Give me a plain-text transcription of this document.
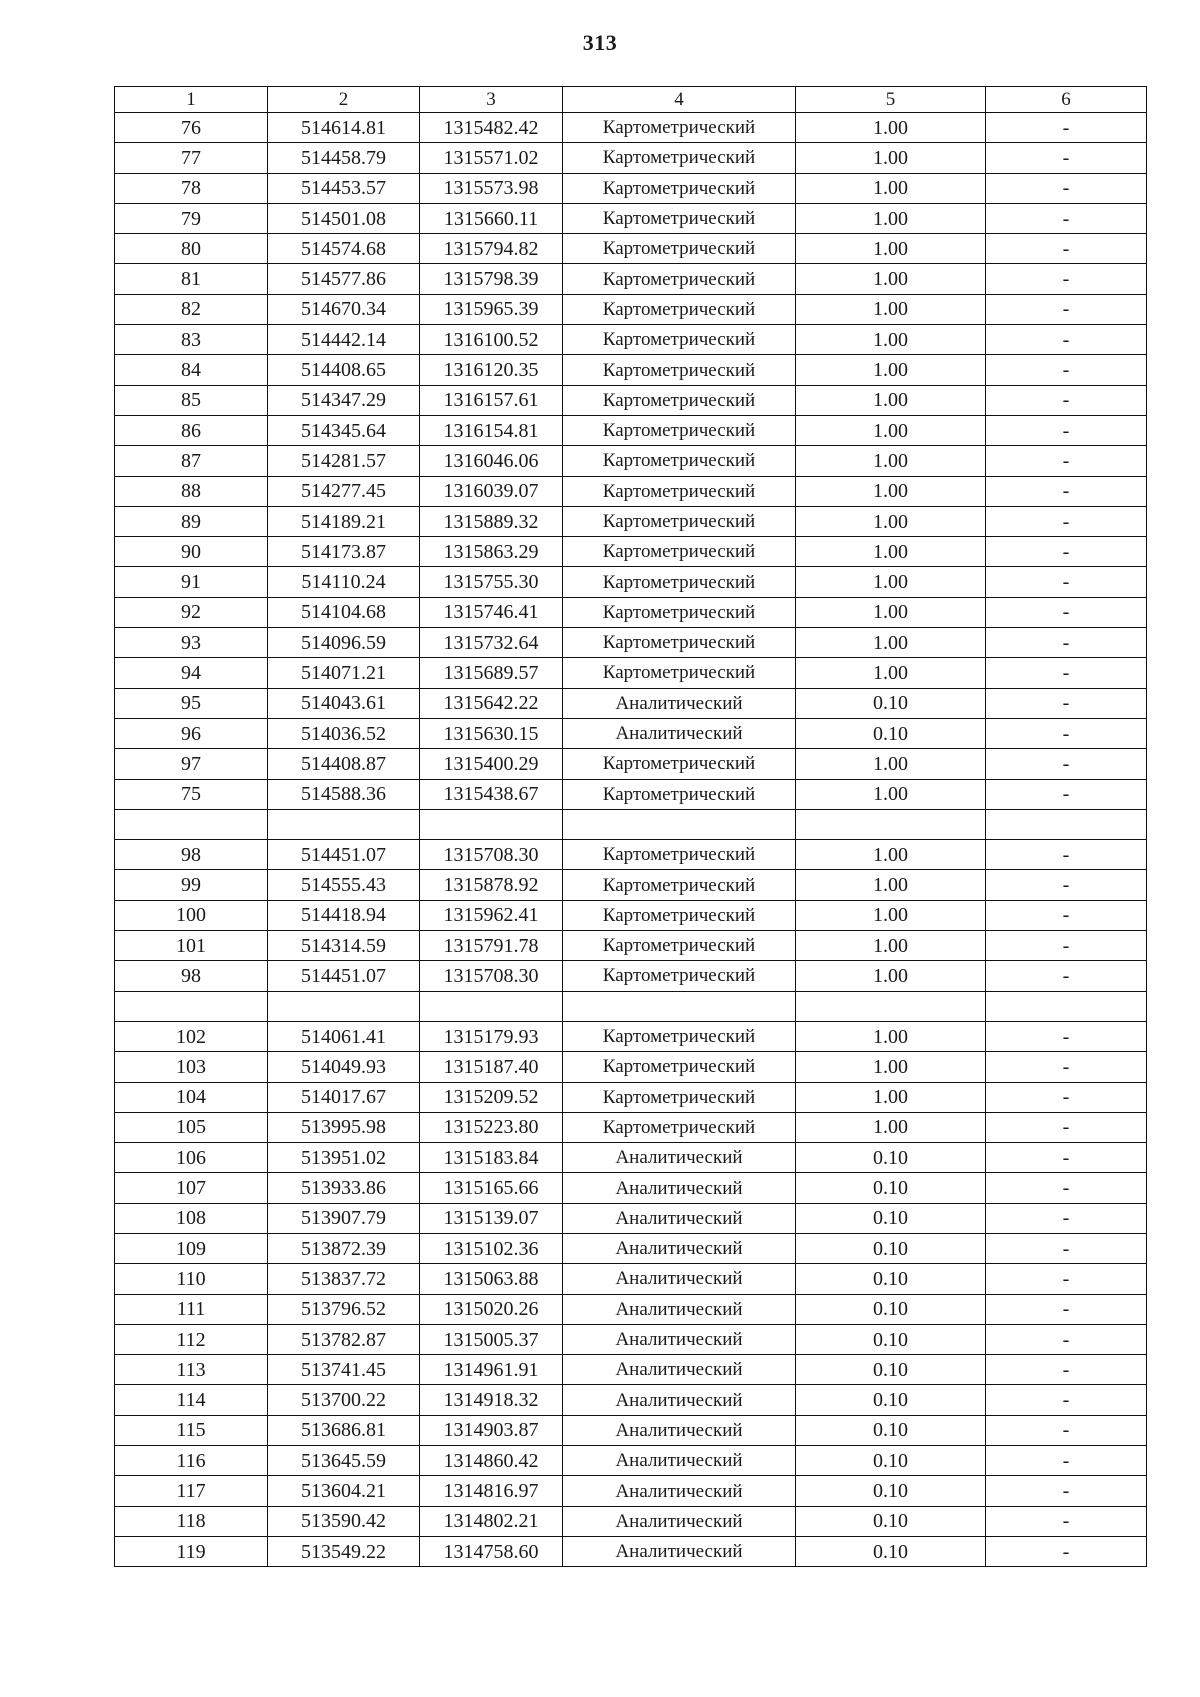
313
1	2	3	4	5	6
76	514614.81	1315482.42	Картометрический	1.00	-
77	514458.79	1315571.02	Картометрический	1.00	-
78	514453.57	1315573.98	Картометрический	1.00	-
79	514501.08	1315660.11	Картометрический	1.00	-
80	514574.68	1315794.82	Картометрический	1.00	-
81	514577.86	1315798.39	Картометрический	1.00	-
82	514670.34	1315965.39	Картометрический	1.00	-
83	514442.14	1316100.52	Картометрический	1.00	-
84	514408.65	1316120.35	Картометрический	1.00	-
85	514347.29	1316157.61	Картометрический	1.00	-
86	514345.64	1316154.81	Картометрический	1.00	-
87	514281.57	1316046.06	Картометрический	1.00	-
88	514277.45	1316039.07	Картометрический	1.00	-
89	514189.21	1315889.32	Картометрический	1.00	-
90	514173.87	1315863.29	Картометрический	1.00	-
91	514110.24	1315755.30	Картометрический	1.00	-
92	514104.68	1315746.41	Картометрический	1.00	-
93	514096.59	1315732.64	Картометрический	1.00	-
94	514071.21	1315689.57	Картометрический	1.00	-
95	514043.61	1315642.22	Аналитический	0.10	-
96	514036.52	1315630.15	Аналитический	0.10	-
97	514408.87	1315400.29	Картометрический	1.00	-
75	514588.36	1315438.67	Картометрический	1.00	-

98	514451.07	1315708.30	Картометрический	1.00	-
99	514555.43	1315878.92	Картометрический	1.00	-
100	514418.94	1315962.41	Картометрический	1.00	-
101	514314.59	1315791.78	Картометрический	1.00	-
98	514451.07	1315708.30	Картометрический	1.00	-

102	514061.41	1315179.93	Картометрический	1.00	-
103	514049.93	1315187.40	Картометрический	1.00	-
104	514017.67	1315209.52	Картометрический	1.00	-
105	513995.98	1315223.80	Картометрический	1.00	-
106	513951.02	1315183.84	Аналитический	0.10	-
107	513933.86	1315165.66	Аналитический	0.10	-
108	513907.79	1315139.07	Аналитический	0.10	-
109	513872.39	1315102.36	Аналитический	0.10	-
110	513837.72	1315063.88	Аналитический	0.10	-
111	513796.52	1315020.26	Аналитический	0.10	-
112	513782.87	1315005.37	Аналитический	0.10	-
113	513741.45	1314961.91	Аналитический	0.10	-
114	513700.22	1314918.32	Аналитический	0.10	-
115	513686.81	1314903.87	Аналитический	0.10	-
116	513645.59	1314860.42	Аналитический	0.10	-
117	513604.21	1314816.97	Аналитический	0.10	-
118	513590.42	1314802.21	Аналитический	0.10	-
119	513549.22	1314758.60	Аналитический	0.10	-
